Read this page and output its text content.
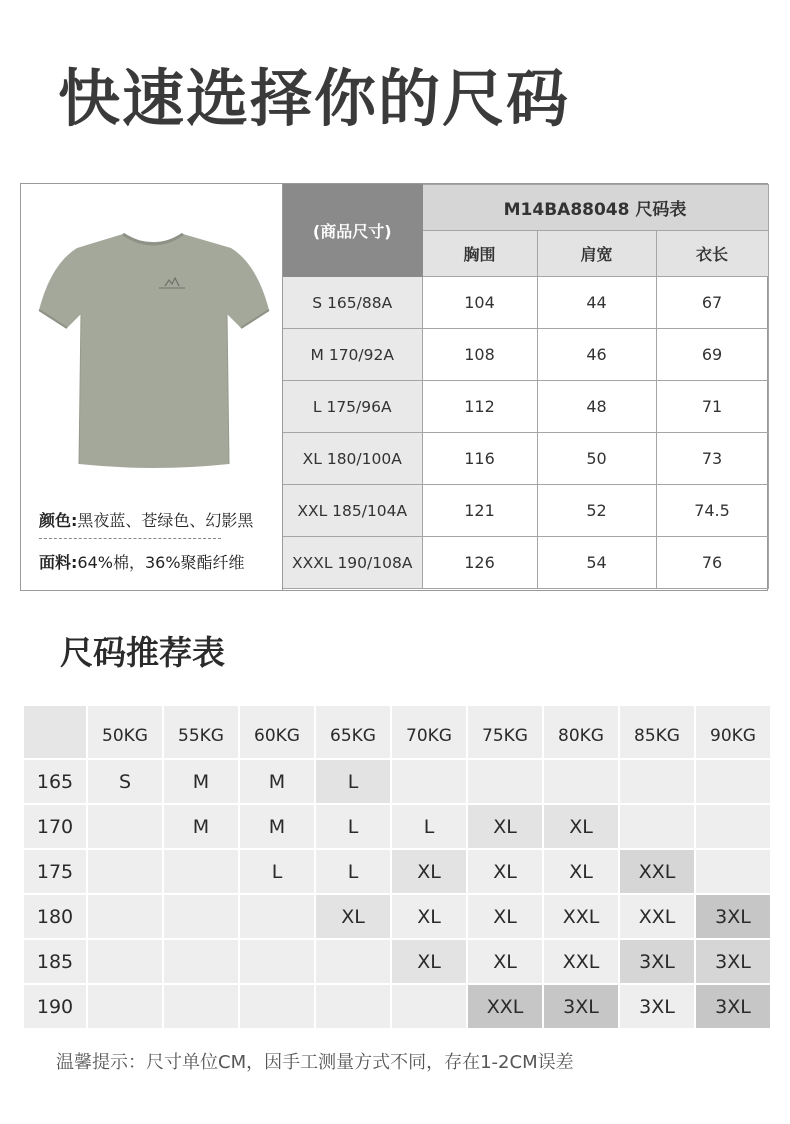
快速选择你的尺码
颜色:黑夜蓝、苍绿色、幻影黑
面料:64%棉，36%聚酯纤维
(商品尺寸)	M14BA88048 尺码表		
	胸围	肩宽	衣长
S 165/88A	104	44	67
M 170/92A	108	46	69
L 175/96A	112	48	71
XL 180/100A	116	50	73
XXL 185/104A	121	52	74.5
XXXL 190/108A	126	54	76
尺码推荐表
	50KG	55KG	60KG	65KG	70KG	75KG	80KG	85KG	90KG
165	S	M	M	L					
170		M	M	L	L	XL	XL		
175			L	L	XL	XL	XL	XXL	
180				XL	XL	XL	XXL	XXL	3XL
185					XL	XL	XXL	3XL	3XL
190						XXL	3XL	3XL	3XL
温馨提示：尺寸单位CM，因手工测量方式不同，存在1-2CM误差
